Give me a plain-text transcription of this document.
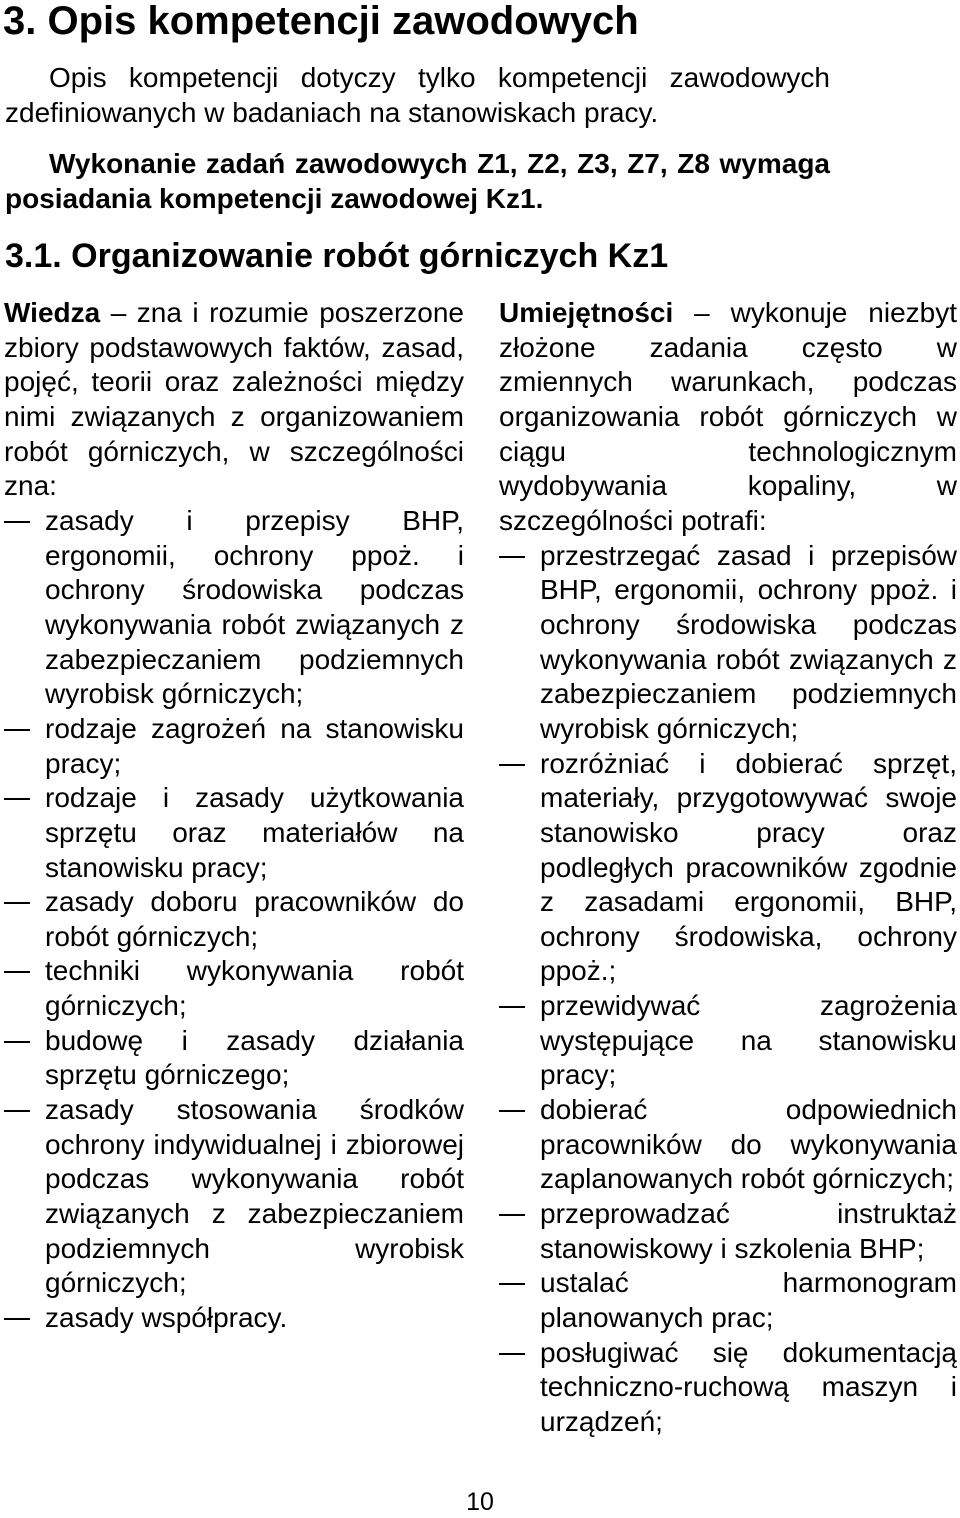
3. Opis kompetencji zawodowych

Opis kompetencji dotyczy tylko kompetencji zawodowych zdefiniowanych w badaniach na stanowiskach pracy.

Wykonanie zadań zawodowych Z1, Z2, Z3, Z7, Z8 wymaga posiadania kompetencji zawodowej Kz1.

3.1. Organizowanie robót górniczych Kz1

Wiedza – zna i rozumie poszerzone zbiory podstawowych faktów, zasad, pojęć, teorii oraz zależności między nimi związanych z organizowaniem robót górniczych, w szczególności zna:

zasady i przepisy BHP, ergonomii, ochrony ppoż. i ochrony środowiska podczas wykonywania robót związanych z zabezpieczaniem podziemnych wyrobisk górniczych;
rodzaje zagrożeń na stanowisku pracy;
rodzaje i zasady użytkowania sprzętu oraz materiałów na stanowisku pracy;
zasady doboru pracowników do robót górniczych;
techniki wykonywania robót górniczych;
budowę i zasady działania sprzętu górniczego;
zasady stosowania środków ochrony indywidualnej i zbiorowej podczas wykonywania robót związanych z zabezpieczaniem podziemnych wyrobisk górniczych;
zasady współpracy.

Umiejętności – wykonuje niezbyt złożone zadania często w zmiennych warunkach, podczas organizowania robót górniczych w ciągu technologicznym wydobywania kopaliny, w szczególności potrafi:

przestrzegać zasad i przepisów BHP, ergonomii, ochrony ppoż. i ochrony środowiska podczas wykonywania robót związanych z zabezpieczaniem podziemnych wyrobisk górniczych;
rozróżniać i dobierać sprzęt, materiały, przygotowywać swoje stanowisko pracy oraz podległych pracowników zgodnie z zasadami ergonomii, BHP, ochrony środowiska, ochrony ppoż.;
przewidywać zagrożenia występujące na stanowisku pracy;
dobierać odpowiednich pracowników do wykonywania zaplanowanych robót górniczych;
przeprowadzać instruktaż stanowiskowy i szkolenia BHP;
ustalać harmonogram planowanych prac;
posługiwać się dokumentacją techniczno-ruchową maszyn i urządzeń;
10
